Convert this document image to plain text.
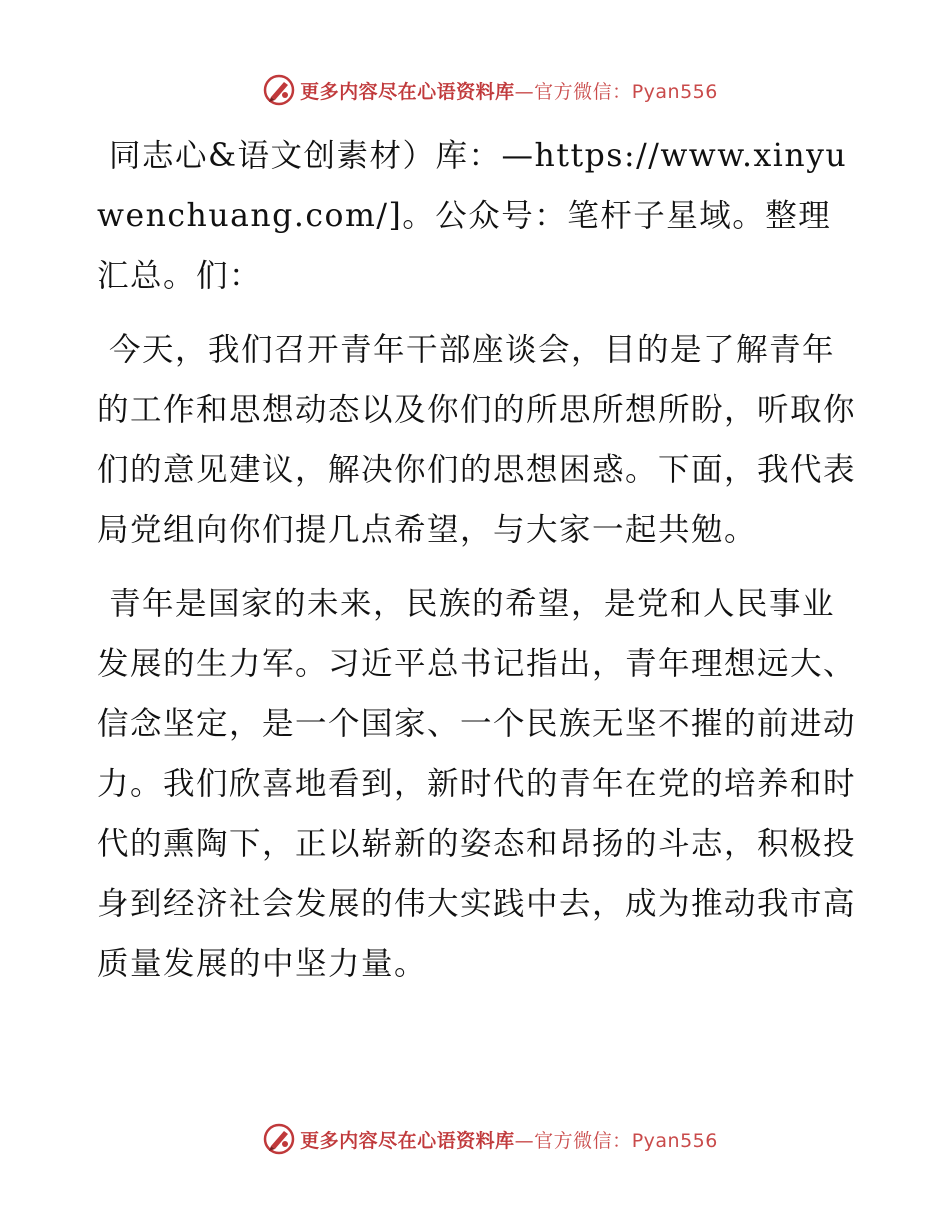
更多内容尽在心语资料库—官方微信：Pyan556

同志心&语文创素材）库：—https://www.xinyuwenchuang.com/]。公众号：笔杆子星域。整理汇总。们：

今天，我们召开青年干部座谈会，目的是了解青年的工作和思想动态以及你们的所思所想所盼，听取你们的意见建议，解决你们的思想困惑。下面，我代表局党组向你们提几点希望，与大家一起共勉。

青年是国家的未来，民族的希望，是党和人民事业发展的生力军。习近平总书记指出，青年理想远大、信念坚定，是一个国家、一个民族无坚不摧的前进动力。我们欣喜地看到，新时代的青年在党的培养和时代的熏陶下，正以崭新的姿态和昂扬的斗志，积极投身到经济社会发展的伟大实践中去，成为推动我市高质量发展的中坚力量。

更多内容尽在心语资料库—官方微信：Pyan556
